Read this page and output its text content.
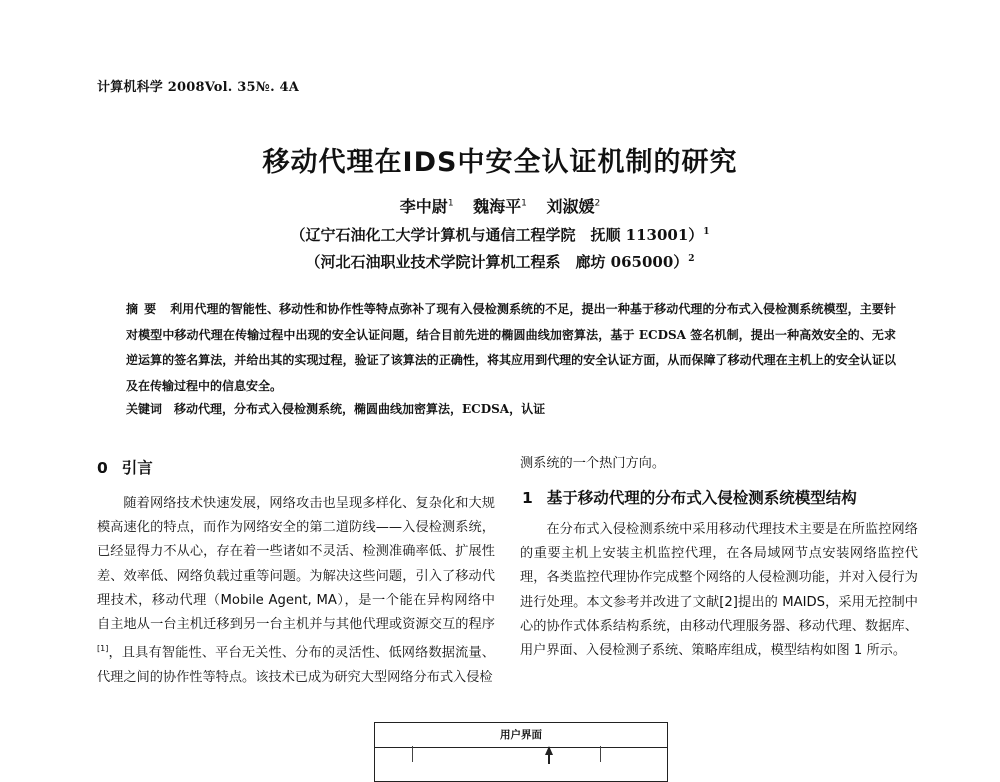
计算机科学 2008Vol. 35№. 4A
移动代理在IDS中安全认证机制的研究
李中尉$^1$ 魏海平$^1$ 刘淑媛$^2$
（辽宁石油化工大学计算机与通信工程学院　抚顺 113001）$^1$
（河北石油职业技术学院计算机工程系　廊坊 065000）$^2$
摘要 利用代理的智能性、移动性和协作性等特点弥补了现有入侵检测系统的不足，提出一种基于移动代理的分布式入侵检测系统模型，主要针对模型中移动代理在传输过程中出现的安全认证问题，结合目前先进的椭圆曲线加密算法，基于 ECDSA 签名机制，提出一种高效安全的、无求逆运算的签名算法，并给出其的实现过程，验证了该算法的正确性，将其应用到代理的安全认证方面，从而保障了移动代理在主机上的安全认证以及在传输过程中的信息安全。
关键词 移动代理，分布式入侵检测系统，椭圆曲线加密算法，ECDSA，认证
0 引言

随着网络技术快速发展，网络攻击也呈现多样化、复杂化和大规模高速化的特点，而作为网络安全的第二道防线——入侵检测系统，已经显得力不从心，存在着一些诸如不灵活、检测准确率低、扩展性差、效率低、网络负载过重等问题。为解决这些问题，引入了移动代理技术，移动代理（Mobile Agent, MA），是一个能在异构网络中自主地从一台主机迁移到另一台主机并与其他代理或资源交互的程序[1]，且具有智能性、平台无关性、分布的灵活性、低网络数据流量、代理之间的协作性等特点。该技术已成为研究大型网络分布式入侵检

测系统的一个热门方向。
1 基于移动代理的分布式入侵检测系统模型结构

在分布式入侵检测系统中采用移动代理技术主要是在所监控网络的重要主机上安装主机监控代理，在各局域网节点安装网络监控代理，各类监控代理协作完成整个网络的人侵检测功能，并对入侵行为进行处理。本文参考并改进了文献[2]提出的 MAIDS，采用无控制中心的协作式体系结构系统，由移动代理服务器、移动代理、数据库、用户界面、入侵检测子系统、策略库组成，模型结构如图 1 所示。

用户界面
